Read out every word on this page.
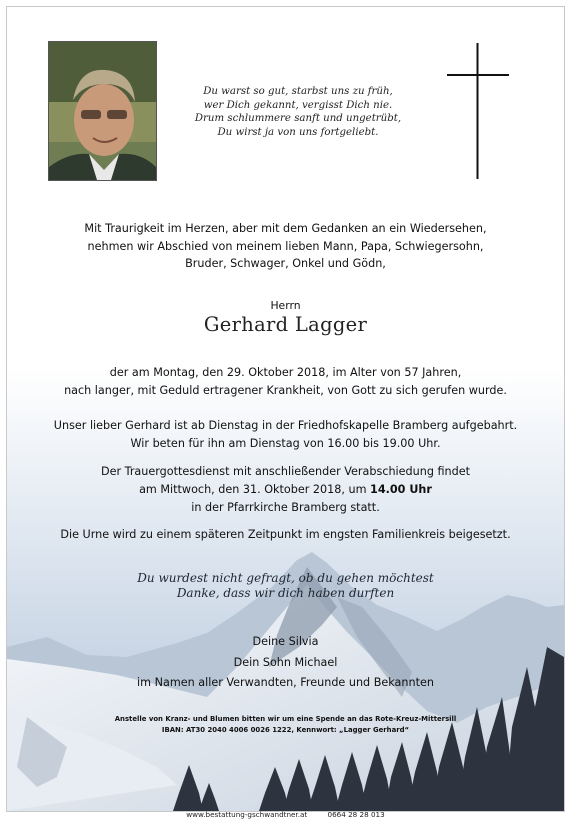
Du warst so gut, starbst uns zu früh,
wer Dich gekannt, vergisst Dich nie.
Drum schlummere sanft und ungetrübt,
Du wirst ja von uns fortgeliebt.
Mit Traurigkeit im Herzen, aber mit dem Gedanken an ein Wiedersehen,
nehmen wir Abschied von meinem lieben Mann, Papa, Schwiegersohn,
Bruder, Schwager, Onkel und Gödn,
Herrn
Gerhard Lagger
der am Montag, den 29. Oktober 2018, im Alter von 57 Jahren,
nach langer, mit Geduld ertragener Krankheit, von Gott zu sich gerufen wurde.
Unser lieber Gerhard ist ab Dienstag in der Friedhofskapelle Bramberg aufgebahrt.
Wir beten für ihn am Dienstag von 16.00 bis 19.00 Uhr.
Der Trauergottesdienst mit anschließender Verabschiedung findet
am Mittwoch, den 31. Oktober 2018, um 14.00 Uhr
in der Pfarrkirche Bramberg statt.
Die Urne wird zu einem späteren Zeitpunkt im engsten Familienkreis beigesetzt.
Du wurdest nicht gefragt, ob du gehen möchtest
Danke, dass wir dich haben durften
Deine Silvia
Dein Sohn Michael
im Namen aller Verwandten, Freunde und Bekannten
Anstelle von Kranz- und Blumen bitten wir um eine Spende an das Rote-Kreuz-Mittersill
IBAN: AT30 2040 4006 0026 1222, Kennwort: „Lagger Gerhard“
www.bestattung-gschwandtner.at	0664 28 28 013
